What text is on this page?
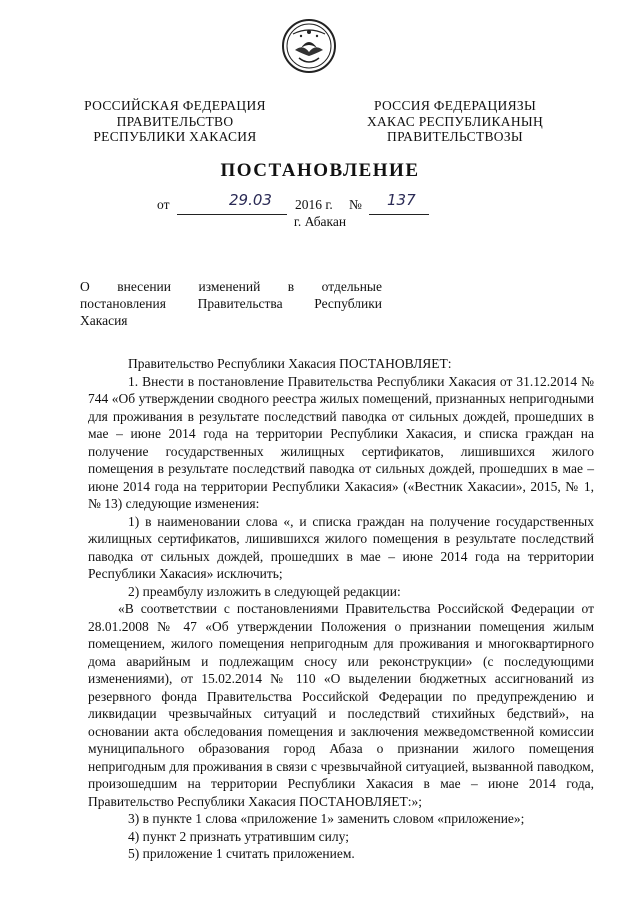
РОССИЙСКАЯ ФЕДЕРАЦИЯ
ПРАВИТЕЛЬСТВО
РЕСПУБЛИКИ ХАКАСИЯ
РОССИЯ ФЕДЕРАЦИЯЗЫ
ХАКАС РЕСПУБЛИКАНЫҢ
ПРАВИТЕЛЬСТВОЗЫ
ПОСТАНОВЛЕНИЕ
от	29.03 2016 г. № 137
г. Абакан
О внесении изменений в отдельные
постановления Правительства Республики
Хакасия

Правительство Республики Хакасия ПОСТАНОВЛЯЕТ:

1. Внести в постановление Правительства Республики Хакасия от 31.12.2014 № 744 «Об утверждении сводного реестра жилых помещений, признанных непригодными для проживания в результате последствий паводка от сильных дождей, прошедших в мае – июне 2014 года на территории Республики Хакасия, и списка граждан на получение государственных жилищных сертификатов, лишившихся жилого помещения в результате последствий паводка от сильных дождей, прошедших в мае – июне 2014 года на территории Республики Хакасия» («Вестник Хакасии», 2015, № 1, № 13) следующие изменения:

1) в наименовании слова «, и списка граждан на получение государственных жилищных сертификатов, лишившихся жилого помещения в результате последствий паводка от сильных дождей, прошедших в мае – июне 2014 года на территории Республики Хакасия» исключить;

2) преамбулу изложить в следующей редакции:

«В соответствии с постановлениями Правительства Российской Федерации от 28.01.2008 № 47 «Об утверждении Положения о признании помещения жилым помещением, жилого помещения непригодным для проживания и многоквартирного дома аварийным и подлежащим сносу или реконструкции» (с последующими изменениями), от 15.02.2014 № 110 «О выделении бюджетных ассигнований из резервного фонда Правительства Российской Федерации по предупреждению и ликвидации чрезвычайных ситуаций и последствий стихийных бедствий», на основании акта обследования помещения и заключения межведомственной комиссии муниципального образования город Абаза о признании жилого помещения непригодным для проживания в связи с чрезвычайной ситуацией, вызванной паводком, произошедшим на территории Республики Хакасия в мае – июне 2014 года, Правительство Республики Хакасия ПОСТАНОВЛЯЕТ:»;

3) в пункте 1 слова «приложение 1» заменить словом «приложение»;

4) пункт 2 признать утратившим силу;

5) приложение 1 считать приложением.
